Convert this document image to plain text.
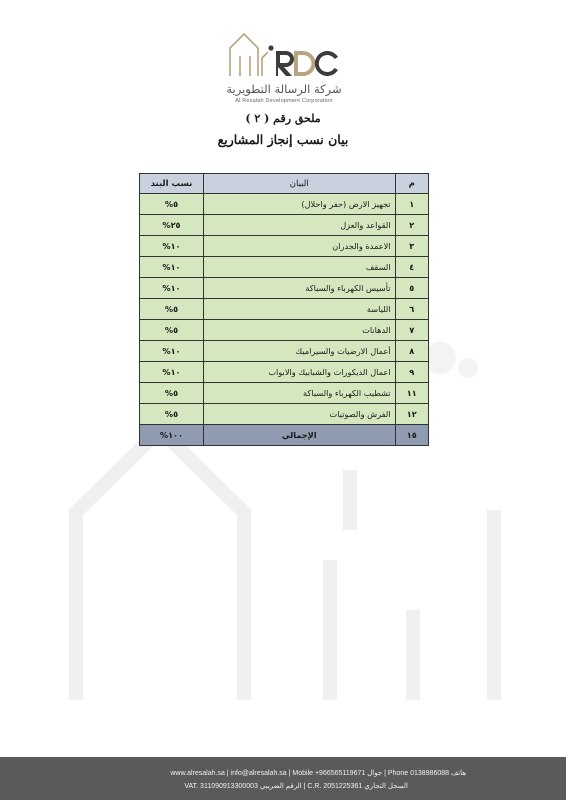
شركة الرسالة التطويرية
Al Resalah Development Corporation
ملحق رقم ( ٢ )
بيان نسب إنجاز المشاريع
م	البيان	نسب البند
١	تجهيز الارض (حفر واحلال)	٥%
٢	القواعد والعزل	٢٥%
٣	الاعمدة والجدران	١٠%
٤	السقف	١٠%
٥	تأسيس الكهرباء والسباكة	١٠%
٦	اللياسة	٥%
٧	الدهانات	٥%
٨	أعمال الارضيات والسيراميك	١٠%
٩	اعمال الديكورات والشبابيك والابواب	١٠%
١١	تشطيب الكهرباء والسباكة	٥%
١٢	الفرش والصوتيات	٥%
١٥	الإجمالي	١٠٠%
www.alresalah.sa | info@alresalah.sa | Mobile +966565119671 جوال | Phone 0138986088 هاتف
VAT. 311090913300003 الرقم الضريبي | C.R. 2051225361 السجل التجاري
